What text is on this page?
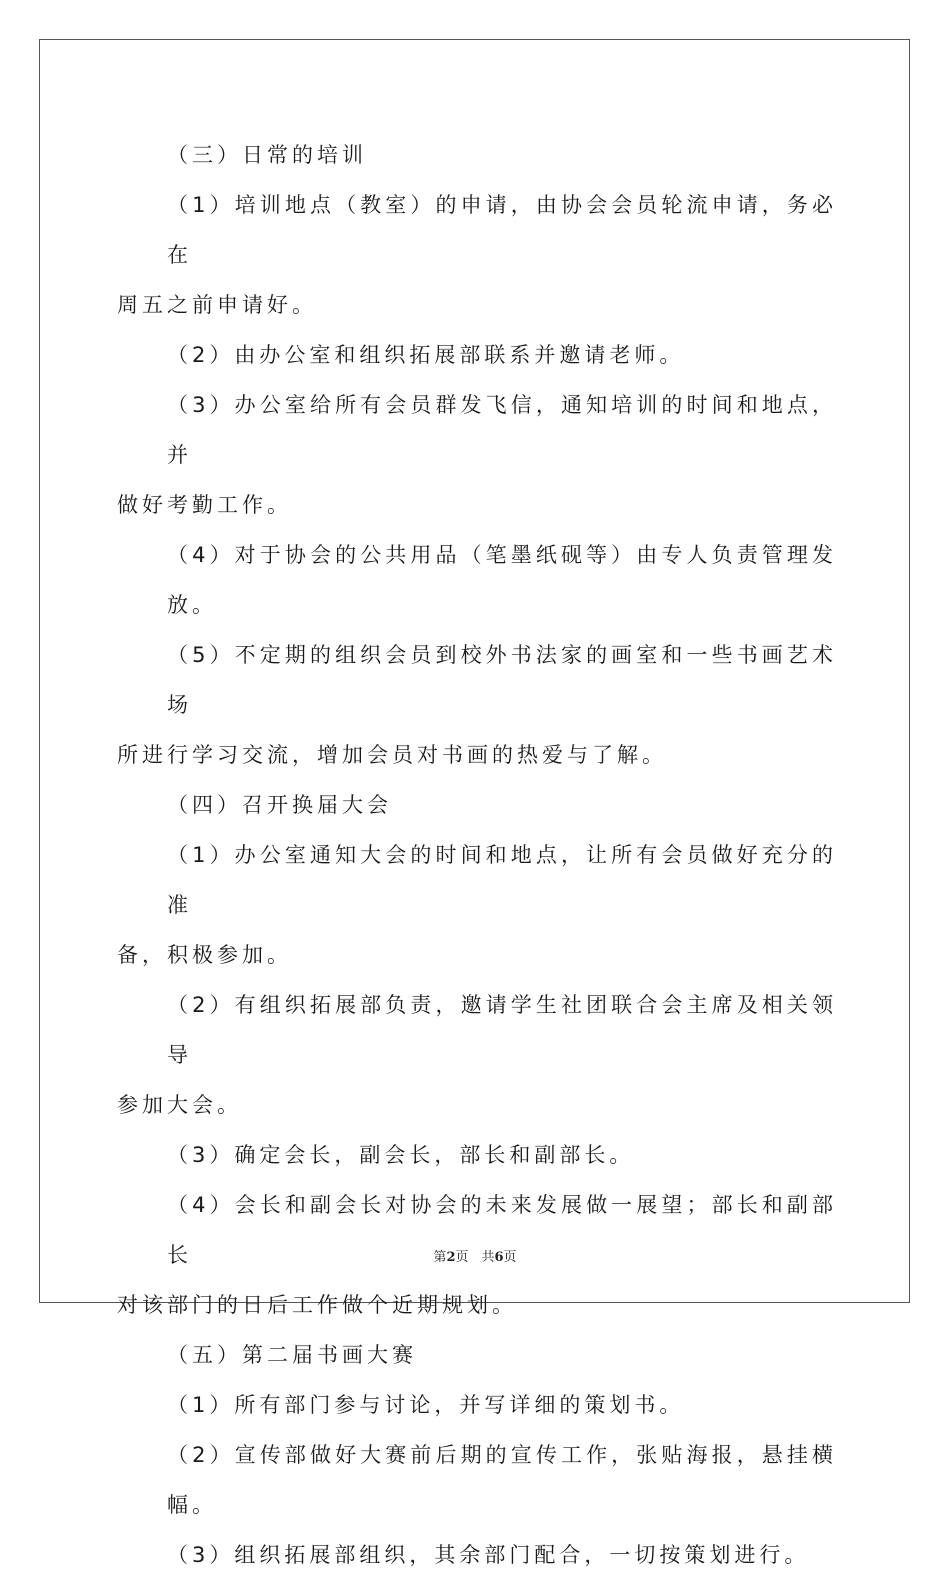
（三）日常的培训

（1）培训地点（教室）的申请，由协会会员轮流申请，务必在
周五之前申请好。

（2）由办公室和组织拓展部联系并邀请老师。

（3）办公室给所有会员群发飞信，通知培训的时间和地点，并
做好考勤工作。

（4）对于协会的公共用品（笔墨纸砚等）由专人负责管理发放。

（5）不定期的组织会员到校外书法家的画室和一些书画艺术场
所进行学习交流，增加会员对书画的热爱与了解。

（四）召开换届大会

（1）办公室通知大会的时间和地点，让所有会员做好充分的准
备，积极参加。

（2）有组织拓展部负责，邀请学生社团联合会主席及相关领导
参加大会。

（3）确定会长，副会长，部长和副部长。

（4）会长和副会长对协会的未来发展做一展望；部长和副部长
对该部门的日后工作做个近期规划。

（五）第二届书画大赛

（1）所有部门参与讨论，并写详细的策划书。

（2）宣传部做好大赛前后期的宣传工作，张贴海报，悬挂横幅。

（3）组织拓展部组织，其余部门配合，一切按策划进行。

第2页　共6页
